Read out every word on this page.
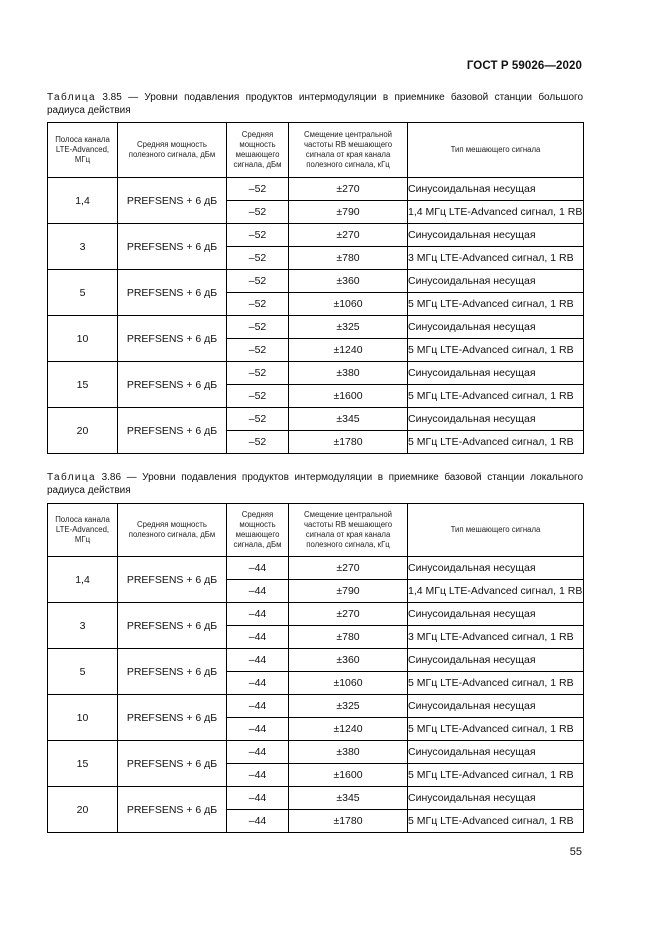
ГОСТ Р 59026—2020
Таблица 3.85 — Уровни подавления продуктов интермодуляции в приемнике базовой станции большого радиуса действия
Полоса канала LTE-Advanced, МГц	Средняя мощность полезного сигнала, дБм	Средняя мощность мешающего сигнала, дБм	Смещение центральной частоты RB мешающего сигнала от края канала полезного сигнала, кГц	Тип мешающего сигнала
1,4	PREFSENS + 6 дБ	–52	±270	Синусоидальная несущая
		–52	±790	1,4 МГц LTE-Advanced сигнал, 1 RB
3	PREFSENS + 6 дБ	–52	±270	Синусоидальная несущая
		–52	±780	3 МГц LTE-Advanced сигнал, 1 RB
5	PREFSENS + 6 дБ	–52	±360	Синусоидальная несущая
		–52	±1060	5 МГц LTE-Advanced сигнал, 1 RB
10	PREFSENS + 6 дБ	–52	±325	Синусоидальная несущая
		–52	±1240	5 МГц LTE-Advanced сигнал, 1 RB
15	PREFSENS + 6 дБ	–52	±380	Синусоидальная несущая
		–52	±1600	5 МГц LTE-Advanced сигнал, 1 RB
20	PREFSENS + 6 дБ	–52	±345	Синусоидальная несущая
		–52	±1780	5 МГц LTE-Advanced сигнал, 1 RB
Таблица 3.86 — Уровни подавления продуктов интермодуляции в приемнике базовой станции локального радиуса действия
Полоса канала LTE-Advanced, МГц	Средняя мощность полезного сигнала, дБм	Средняя мощность мешающего сигнала, дБм	Смещение центральной частоты RB мешающего сигнала от края канала полезного сигнала, кГц	Тип мешающего сигнала
1,4	PREFSENS + 6 дБ	–44	±270	Синусоидальная несущая
		–44	±790	1,4 МГц LTE-Advanced сигнал, 1 RB
3	PREFSENS + 6 дБ	–44	±270	Синусоидальная несущая
		–44	±780	3 МГц LTE-Advanced сигнал, 1 RB
5	PREFSENS + 6 дБ	–44	±360	Синусоидальная несущая
		–44	±1060	5 МГц LTE-Advanced сигнал, 1 RB
10	PREFSENS + 6 дБ	–44	±325	Синусоидальная несущая
		–44	±1240	5 МГц LTE-Advanced сигнал, 1 RB
15	PREFSENS + 6 дБ	–44	±380	Синусоидальная несущая
		–44	±1600	5 МГц LTE-Advanced сигнал, 1 RB
20	PREFSENS + 6 дБ	–44	±345	Синусоидальная несущая
		–44	±1780	5 МГц LTE-Advanced сигнал, 1 RB
55
